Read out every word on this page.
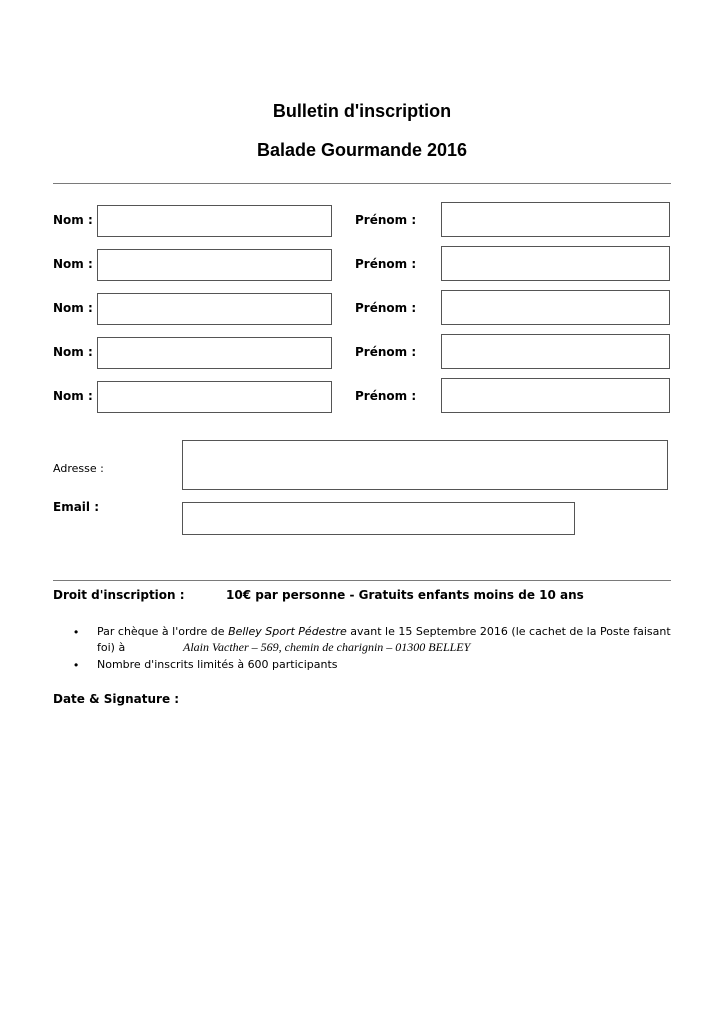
Bulletin d'inscription
Balade Gourmande 2016
Nom :	Prénom :
Nom :	Prénom :
Nom :	Prénom :
Nom :	Prénom :
Nom :	Prénom :
Adresse :
Email :
Droit d'inscription :	10€ par personne - Gratuits enfants moins de 10 ans
• Par chèque à l'ordre de Belley Sport Pédestre avant le 15 Septembre 2016 (le cachet de la Poste faisant
foi) à	Alain Vacther – 569, chemin de charignin – 01300 BELLEY
• Nombre d'inscrits limités à 600 participants
Date & Signature :
